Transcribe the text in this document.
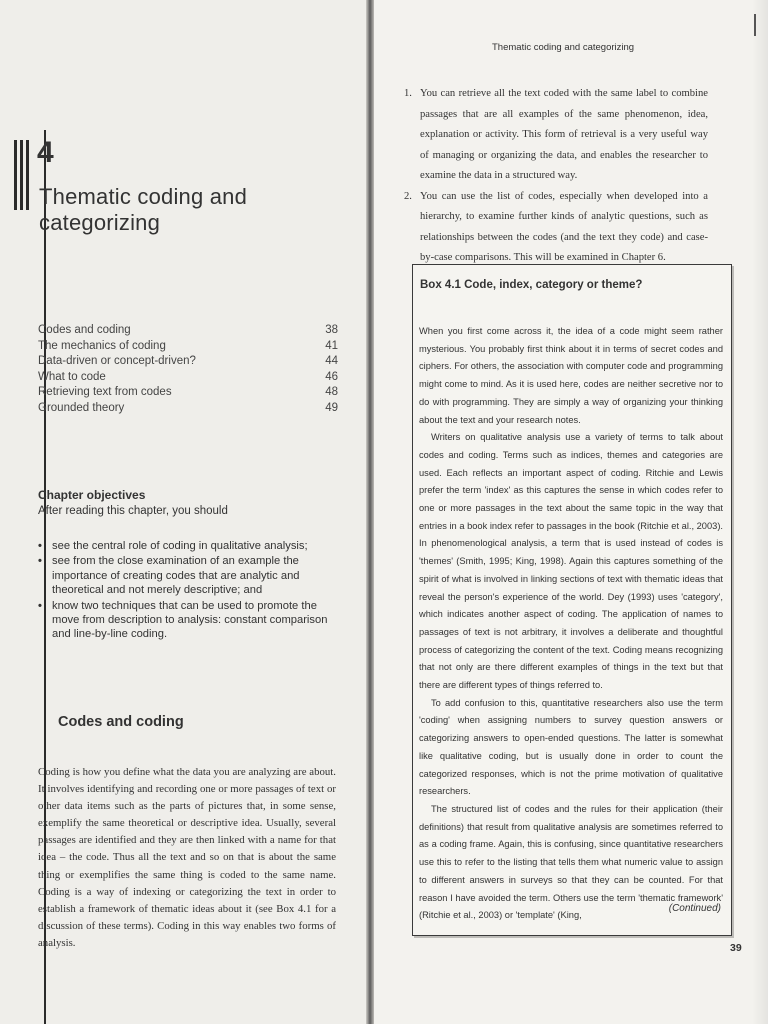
4
Thematic coding and categorizing
Codes and coding	38
The mechanics of coding	41
Data-driven or concept-driven?	44
What to code	46
Retrieving text from codes	48
Grounded theory	49
Chapter objectives
After reading this chapter, you should
• see the central role of coding in qualitative analysis;
• see from the close examination of an example the importance of creating codes that are analytic and theoretical and not merely descriptive; and
• know two techniques that can be used to promote the move from description to analysis: constant comparison and line-by-line coding.
Codes and coding
Coding is how you define what the data you are analyzing are about. It involves identifying and recording one or more passages of text or other data items such as the parts of pictures that, in some sense, exemplify the same theoretical or descriptive idea. Usually, several passages are identified and they are then linked with a name for that idea – the code. Thus all the text and so on that is about the same thing or exemplifies the same thing is coded to the same name. Coding is a way of indexing or categorizing the text in order to establish a framework of thematic ideas about it (see Box 4.1 for a discussion of these terms). Coding in this way enables two forms of analysis.
Thematic coding and categorizing
1. You can retrieve all the text coded with the same label to combine passages that are all examples of the same phenomenon, idea, explanation or activity. This form of retrieval is a very useful way of managing or organizing the data, and enables the researcher to examine the data in a structured way.
2. You can use the list of codes, especially when developed into a hierarchy, to examine further kinds of analytic questions, such as relationships between the codes (and the text they code) and case-by-case comparisons. This will be examined in Chapter 6.
Box 4.1 Code, index, category or theme?

When you first come across it, the idea of a code might seem rather mysterious. You probably first think about it in terms of secret codes and ciphers. For others, the association with computer code and programming might come to mind. As it is used here, codes are neither secretive nor to do with programming. They are simply a way of organizing your thinking about the text and your research notes.

Writers on qualitative analysis use a variety of terms to talk about codes and coding. Terms such as indices, themes and categories are used. Each reflects an important aspect of coding. Ritchie and Lewis prefer the term 'index' as this captures the sense in which codes refer to one or more passages in the text about the same topic in the way that entries in a book index refer to passages in the book (Ritchie et al., 2003). In phenomenological analysis, a term that is used instead of codes is 'themes' (Smith, 1995; King, 1998). Again this captures something of the spirit of what is involved in linking sections of text with thematic ideas that reveal the person's experience of the world. Dey (1993) uses 'category', which indicates another aspect of coding. The application of names to passages of text is not arbitrary, it involves a deliberate and thoughtful process of categorizing the content of the text. Coding means recognizing that not only are there different examples of things in the text but that there are different types of things referred to.

To add confusion to this, quantitative researchers also use the term 'coding' when assigning numbers to survey question answers or categorizing answers to open-ended questions. The latter is somewhat like qualitative coding, but is usually done in order to count the categorized responses, which is not the prime motivation of qualitative researchers.

The structured list of codes and the rules for their application (their definitions) that result from qualitative analysis are sometimes referred to as a coding frame. Again, this is confusing, since quantitative researchers use this to refer to the listing that tells them what numeric value to assign to different answers in surveys so that they can be counted. For that reason I have avoided the term. Others use the term 'thematic framework' (Ritchie et al., 2003) or 'template' (King,

(Continued)
39
